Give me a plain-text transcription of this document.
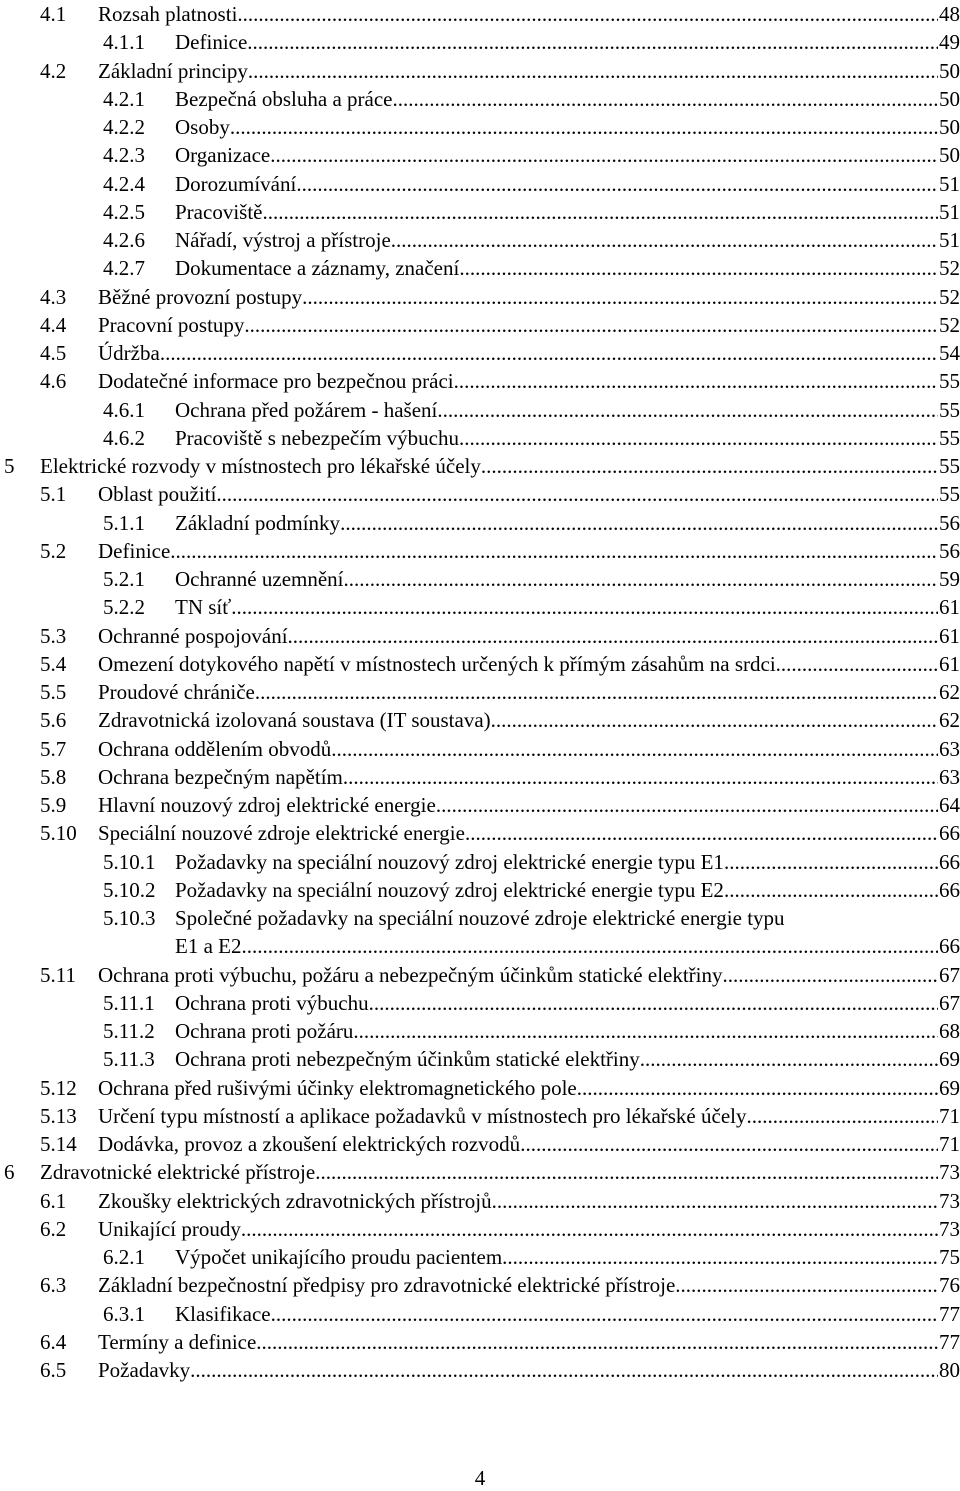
4.1 Rozsah platnosti .....	48
4.1.1 Definice .....	49
4.2 Základní principy .....	50
4.2.1 Bezpečná obsluha a práce .....	50
4.2.2 Osoby .....	50
4.2.3 Organizace .....	50
4.2.4 Dorozumívání .....	51
4.2.5 Pracoviště .....	51
4.2.6 Nářadí, výstroj a přístroje .....	51
4.2.7 Dokumentace a záznamy, značení .....	52
4.3 Běžné provozní postupy .....	52
4.4 Pracovní postupy .....	52
4.5 Údržba .....	54
4.6 Dodatečné informace pro bezpečnou práci .....	55
4.6.1 Ochrana před požárem - hašení .....	55
4.6.2 Pracoviště s nebezpečím výbuchu .....	55
5 Elektrické rozvody v místnostech pro lékařské účely .....	55
5.1 Oblast použití .....	55
5.1.1 Základní podmínky .....	56
5.2 Definice .....	56
5.2.1 Ochranné uzemnění .....	59
5.2.2 TN síť .....	61
5.3 Ochranné pospojování .....	61
5.4 Omezení dotykového napětí v místnostech určených k přímým zásahům na srdci .....	61
5.5 Proudové chrániče .....	62
5.6 Zdravotnická izolovaná soustava (IT soustava) .....	62
5.7 Ochrana oddělením obvodů .....	63
5.8 Ochrana bezpečným napětím .....	63
5.9 Hlavní nouzový zdroj elektrické energie .....	64
5.10 Speciální nouzové zdroje elektrické energie .....	66
5.10.1 Požadavky na speciální nouzový zdroj elektrické energie typu E1 .....	66
5.10.2 Požadavky na speciální nouzový zdroj elektrické energie typu E2 .....	66
5.10.3 Společné požadavky na speciální nouzové zdroje elektrické energie typu
E1 a E2 .....	66
5.11 Ochrana proti výbuchu, požáru a nebezpečným účinkům statické elektřiny .....	67
5.11.1 Ochrana proti výbuchu .....	67
5.11.2 Ochrana proti požáru .....	68
5.11.3 Ochrana proti nebezpečným účinkům statické elektřiny .....	69
5.12 Ochrana před rušivými účinky elektromagnetického pole .....	69
5.13 Určení typu místností a aplikace požadavků v místnostech pro lékařské účely .....	71
5.14 Dodávka, provoz a zkoušení elektrických rozvodů .....	71
6 Zdravotnické elektrické přístroje .....	73
6.1 Zkoušky elektrických zdravotnických přístrojů .....	73
6.2 Unikající proudy .....	73
6.2.1 Výpočet unikajícího proudu pacientem .....	75
6.3 Základní bezpečnostní předpisy pro zdravotnické elektrické přístroje .....	76
6.3.1 Klasifikace .....	77
6.4 Termíny a definice .....	77
6.5 Požadavky .....	80
4
